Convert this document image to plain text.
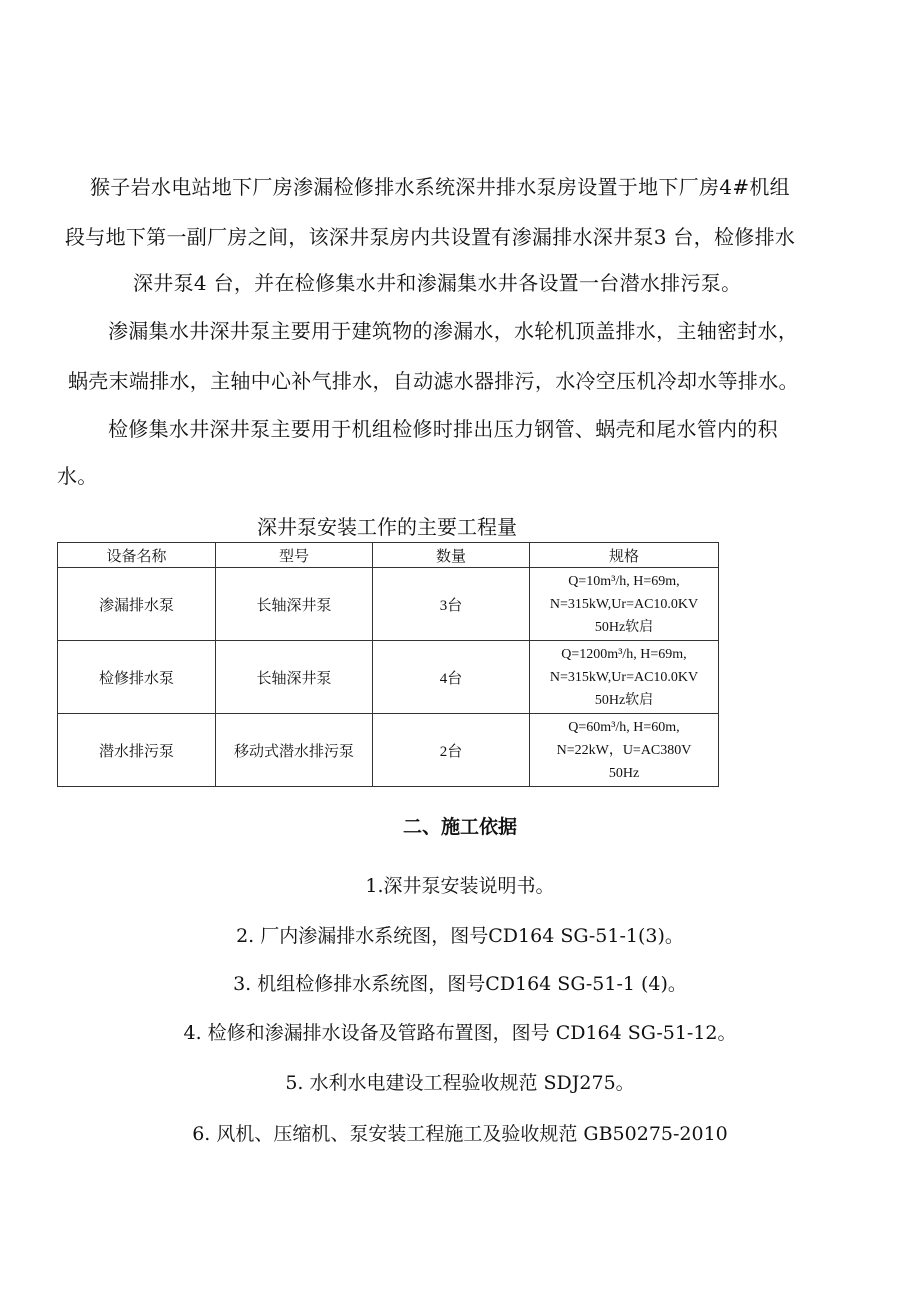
猴子岩水电站地下厂房渗漏检修排水系统深井排水泵房设置于地下厂房4#机组
段与地下第一副厂房之间，该深井泵房内共设置有渗漏排水深井泵3 台，检修排水
深井泵4 台，并在检修集水井和渗漏集水井各设置一台潜水排污泵。
渗漏集水井深井泵主要用于建筑物的渗漏水，水轮机顶盖排水，主轴密封水，
蜗壳末端排水，主轴中心补气排水，自动滤水器排污，水冷空压机冷却水等排水。
检修集水井深井泵主要用于机组检修时排出压力钢管、蜗壳和尾水管内的积
水。
深井泵安装工作的主要工程量
设备名称	型号	数量	规格
渗漏排水泵	长轴深井泵	3台	Q=10m³/h, H=69m,
N=315kW,Ur=AC10.0KV
50Hz软启

检修排水泵	长轴深井泵	4台	Q=1200m³/h, H=69m,
N=315kW,Ur=AC10.0KV
50Hz软启

潜水排污泵	移动式潜水排污泵	2台	Q=60m³/h, H=60m,
N=22kW，U=AC380V
50Hz
二、施工依据
1.深井泵安装说明书。
2. 厂内渗漏排水系统图，图号CD164 SG-51-1(3)。
3. 机组检修排水系统图，图号CD164 SG-51-1 (4)。
4. 检修和渗漏排水设备及管路布置图，图号 CD164 SG-51-12。
5. 水利水电建设工程验收规范 SDJ275。
6. 风机、压缩机、泵安装工程施工及验收规范 GB50275-2010
